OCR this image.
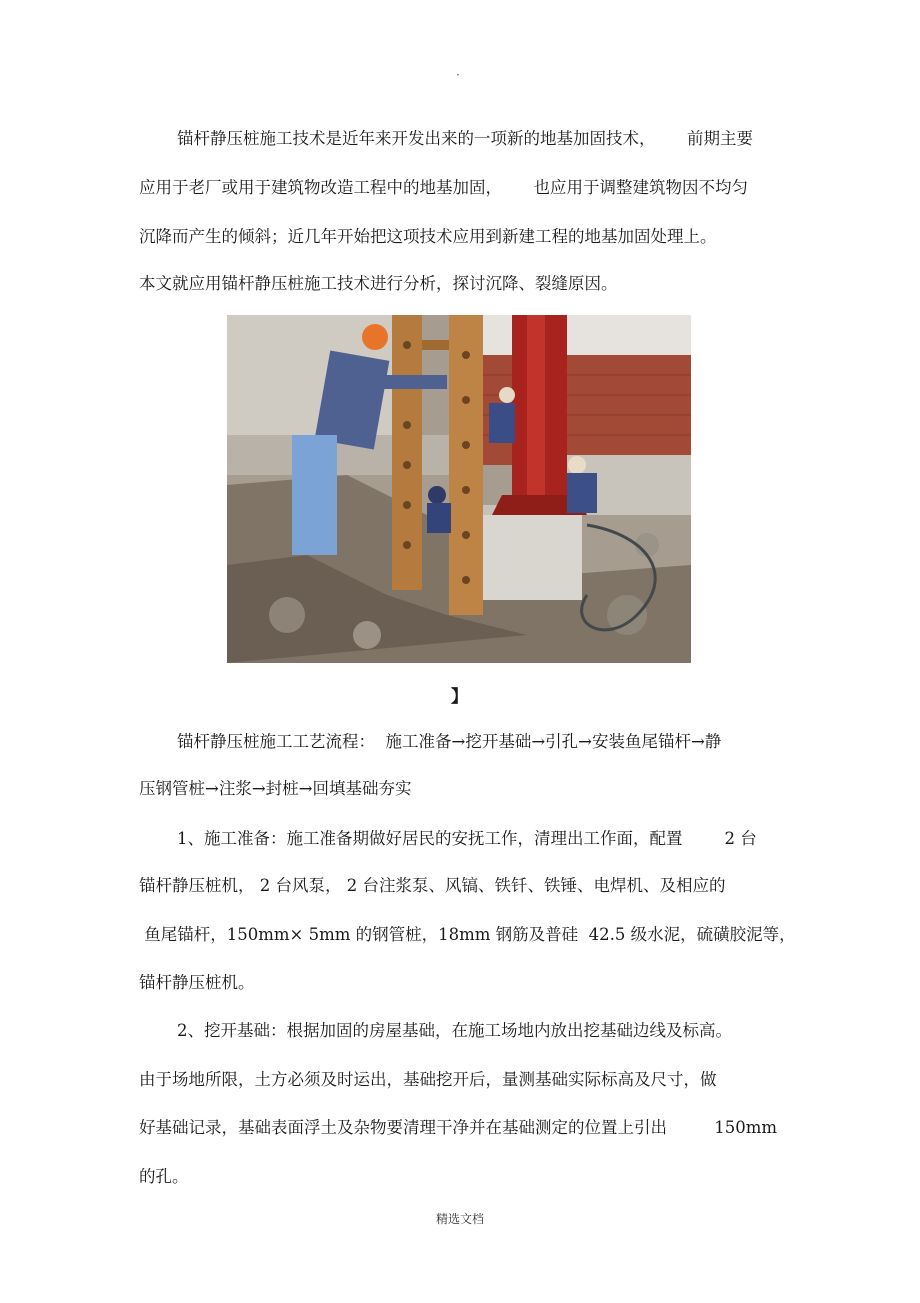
·
锚杆静压桩施工技术是近年来开发出来的一项新的地基加固技术，      前期主要
应用于老厂或用于建筑物改造工程中的地基加固，      也应用于调整建筑物因不均匀
沉降而产生的倾斜；近几年开始把这项技术应用到新建工程的地基加固处理上。
本文就应用锚杆静压桩施工技术进行分析，探讨沉降、裂缝原因。
】
锚杆静压桩施工工艺流程：  施工准备→挖开基础→引孔→安装鱼尾锚杆→静
压钢管桩→注浆→封桩→回填基础夯实
1、施工准备：施工准备期做好居民的安抚工作，清理出工作面，配置        2 台
锚杆静压桩机， 2 台风泵， 2 台注浆泵、风镐、铁钎、铁锤、电焊机、及相应的
鱼尾锚杆，150mm× 5mm 的钢管桩，18mm 钢筋及普硅  42.5 级水泥，硫磺胶泥等，
锚杆静压桩机。
2、挖开基础：根据加固的房屋基础，在施工场地内放出挖基础边线及标高。
由于场地所限，土方必须及时运出，基础挖开后，量测基础实际标高及尺寸，做
好基础记录，基础表面浮土及杂物要清理干净并在基础测定的位置上引出         150mm
的孔。
精选文档
